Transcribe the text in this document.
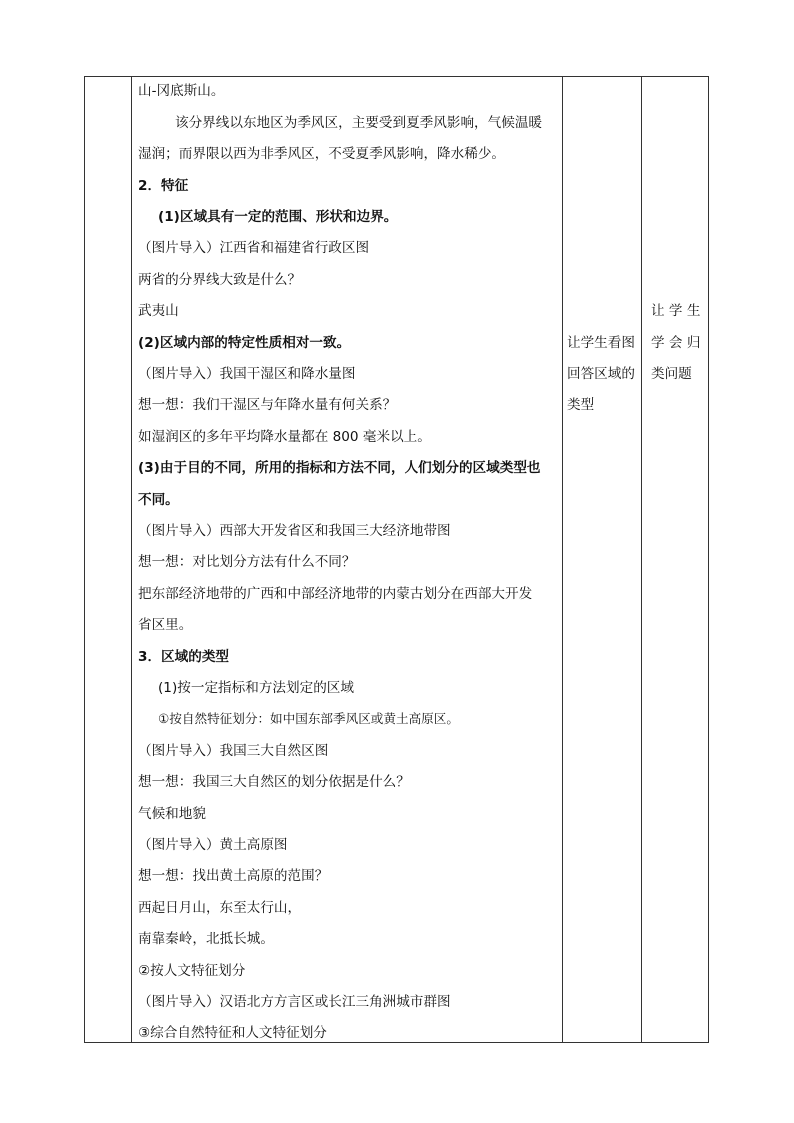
山-冈底斯山。
该分界线以东地区为季风区，主要受到夏季风影响，气候温暖
湿润；而界限以西为非季风区，不受夏季风影响，降水稀少。
2．特征
(1)区域具有一定的范围、形状和边界。
（图片导入）江西省和福建省行政区图
两省的分界线大致是什么？
武夷山
(2)区域内部的特定性质相对一致。
（图片导入）我国干湿区和降水量图
想一想：我们干湿区与年降水量有何关系？
如湿润区的多年平均降水量都在 800 毫米以上。
(3)由于目的不同，所用的指标和方法不同，人们划分的区域类型也
不同。
（图片导入）西部大开发省区和我国三大经济地带图
想一想：对比划分方法有什么不同？
把东部经济地带的广西和中部经济地带的内蒙古划分在西部大开发
省区里。
3．区域的类型
(1)按一定指标和方法划定的区域
①按自然特征划分：如中国东部季风区或黄土高原区。
（图片导入）我国三大自然区图
想一想：我国三大自然区的划分依据是什么？
气候和地貌
（图片导入）黄土高原图
想一想：找出黄土高原的范围？
西起日月山，东至太行山，
南靠秦岭，北抵长城。
②按人文特征划分
（图片导入）汉语北方方言区或长江三角洲城市群图
③综合自然特征和人文特征划分
让学生看图
回答区域的
类型
让 学 生
学 会 归
类问题
